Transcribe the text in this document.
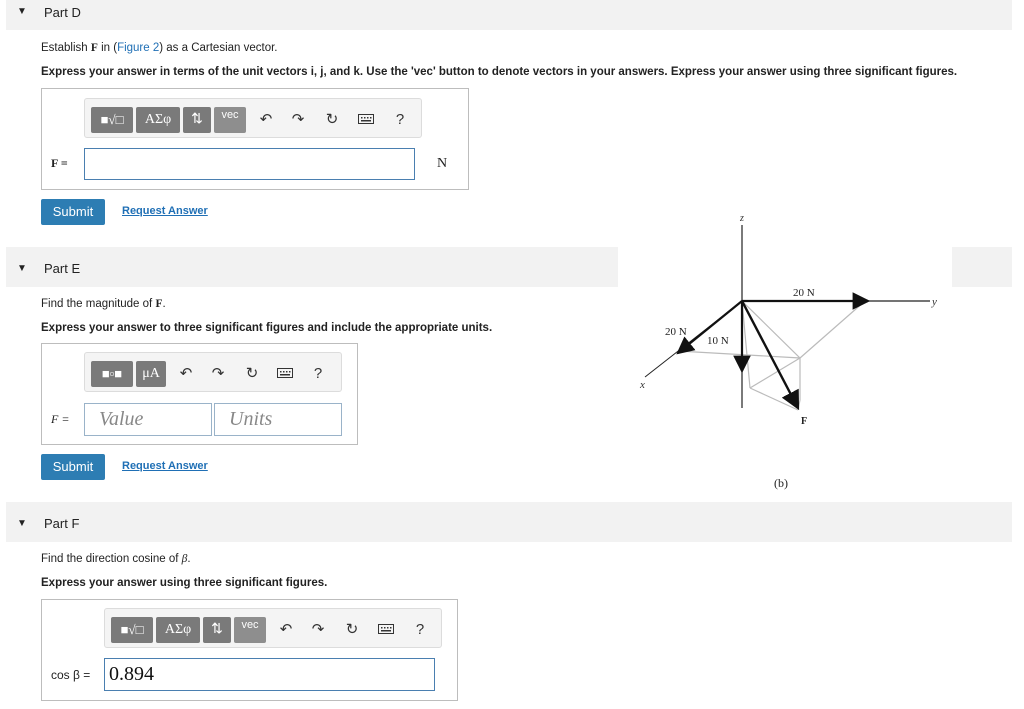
▼ Part D
Establish F in (Figure 2) as a Cartesian vector.
Express your answer in terms of the unit vectors i, j, and k. Use the 'vec' button to denote vectors in your answers. Express your answer using three significant figures.
■√□	ΑΣφ	⇅	vec	↶ ↷ ↻	?
F =	N
Submit	Request Answer
▼ Part E
Find the magnitude of F.
Express your answer to three significant figures and include the appropriate units.
■▫■	μA	↶ ↷ ↻	?
F = Value	Units
Submit	Request Answer
▼ Part F
Find the direction cosine of β.
Express your answer using three significant figures.
■√□	ΑΣφ	⇅	vec	↶ ↷ ↻	?
cos β = 0.894
z
y
x
20 N
20 N
10 N
F
(b)
